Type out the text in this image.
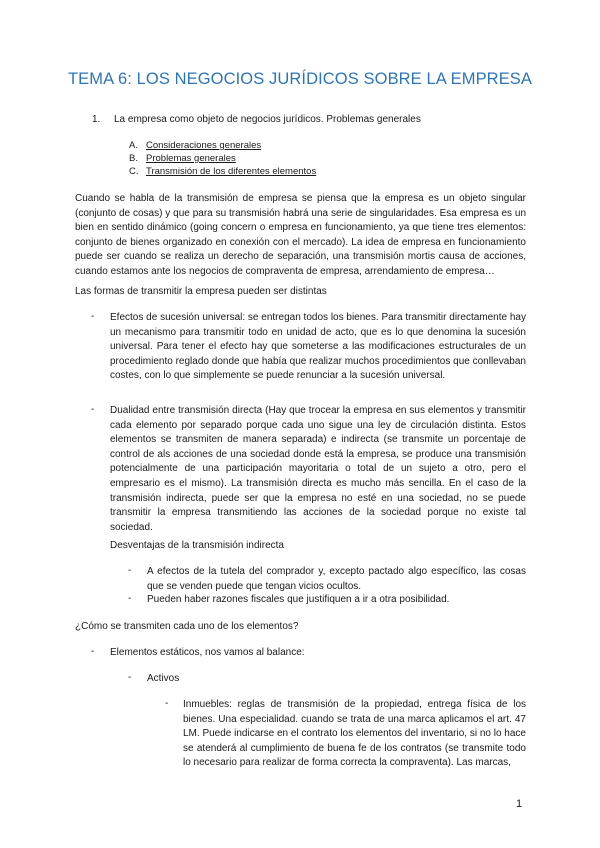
TEMA 6: LOS NEGOCIOS JURÍDICOS SOBRE LA EMPRESA
1. La empresa como objeto de negocios jurídicos. Problemas generales
A. Consideraciones generales
B. Problemas generales
C. Transmisión de los diferentes elementos

Cuando se habla de la transmisión de empresa se piensa que la empresa es un objeto singular (conjunto de cosas) y que para su transmisión habrá una serie de singularidades. Esa empresa es un bien en sentido dinámico (going concern o empresa en funcionamiento, ya que tiene tres elementos: conjunto de bienes organizado en conexión con el mercado). La idea de empresa en funcionamiento puede ser cuando se realiza un derecho de separación, una transmisión mortis causa de acciones, cuando estamos ante los negocios de compraventa de empresa, arrendamiento de empresa…

Las formas de transmitir la empresa pueden ser distintas

- Efectos de sucesión universal: se entregan todos los bienes. Para transmitir directamente hay un mecanismo para transmitir todo en unidad de acto, que es lo que denomina la sucesión universal. Para tener el efecto hay que someterse a las modificaciones estructurales de un procedimiento reglado donde que había que realizar muchos procedimientos que conllevaban costes, con lo que simplemente se puede renunciar a la sucesión universal.

- Dualidad entre transmisión directa (Hay que trocear la empresa en sus elementos y transmitir cada elemento por separado porque cada uno sigue una ley de circulación distinta. Estos elementos se transmiten de manera separada) e indirecta (se transmite un porcentaje de control de als acciones de una sociedad donde está la empresa, se produce una transmisión potencialmente de una participación mayoritaria o total de un sujeto a otro, pero el empresario es el mismo). La transmisión directa es mucho más sencilla. En el caso de la transmisión indirecta, puede ser que la empresa no esté en una sociedad, no se puede transmitir la empresa transmitiendo las acciones de la sociedad porque no existe tal sociedad.

Desventajas de la transmisión indirecta

- A efectos de la tutela del comprador y, excepto pactado algo específico, las cosas que se venden puede que tengan vicios ocultos.

- Pueden haber razones fiscales que justifiquen a ir a otra posibilidad.

¿Cómo se transmiten cada uno de los elementos?

- Elementos estáticos, nos vamos al balance:

- Activos

- Inmuebles: reglas de transmisión de la propiedad, entrega física de los bienes. Una especialidad. cuando se trata de una marca aplicamos el art. 47 LM. Puede indicarse en el contrato los elementos del inventario, si no lo hace se atenderá al cumplimiento de buena fe de los contratos (se transmite todo lo necesario para realizar de forma correcta la compraventa). Las marcas,

1
